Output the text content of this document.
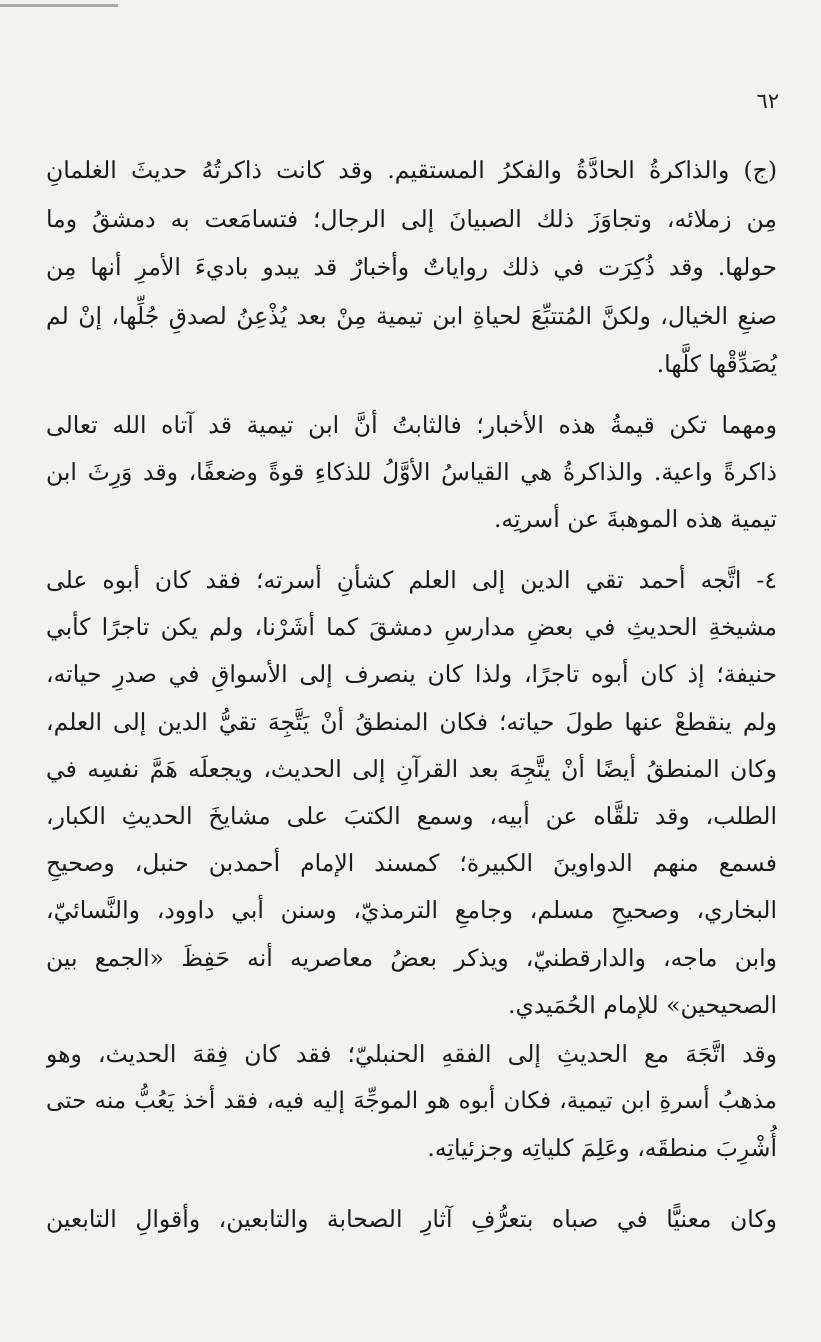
٦٢

(ج) والذاكرةُ الحادَّةُ والفكرُ المستقيم. وقد كانت ذاكرتُهُ حديثَ الغلمانِ
مِن زملائه، وتجاوَزَ ذلك الصبيانَ إلى الرجال؛ فتسامَعت به دمشقُ وما
حولها. وقد ذُكِرَت في ذلك رواياتٌ وأخبارٌ قد يبدو باديءَ الأمرِ أنها مِن
صنعِ الخيال، ولكنَّ المُتتبِّعَ لحياةِ ابن تيمية مِنْ بعد يُذْعِنُ لصدقِ جُلِّها، إنْ لم
يُصَدِّقْها كلَّها.

ومهما تكن قيمةُ هذه الأخبار؛ فالثابتُ أنَّ ابن تيمية قد آتاه الله تعالى
ذاكرةً واعية. والذاكرةُ هي القياسُ الأوَّلُ للذكاءِ قوةً وضعفًا، وقد وَرِثَ ابن
تيمية هذه الموهبةَ عن أسرتِه.

٤- اتَّجه أحمد تقي الدين إلى العلم كشأنِ أسرته؛ فقد كان أبوه على
مشيخةِ الحديثِ في بعضِ مدارسِ دمشقَ كما أشَرْنا، ولم يكن تاجرًا كأبي
حنيفة؛ إذ كان أبوه تاجرًا، ولذا كان ينصرف إلى الأسواقِ في صدرِ حياته،
ولم ينقطعْ عنها طولَ حياته؛ فكان المنطقُ أنْ يَتَّجِهَ تقيُّ الدين إلى العلم،
وكان المنطقُ أيضًا أنْ يتَّجِهَ بعد القرآنِ إلى الحديث، ويجعلَه هَمَّ نفسِه في
الطلب، وقد تلقَّاه عن أبيه، وسمع الكتبَ على مشايخَ الحديثِ الكبار،
فسمع منهم الدواوينَ الكبيرة؛ كمسند الإمام أحمدبن حنبل، وصحيحِ
البخاري، وصحيحِ مسلم، وجامعِ الترمذيّ، وسنن أبي داوود، والنَّسائيّ،
وابن ماجه، والدارقطنيّ، ويذكر بعضُ معاصريه أنه حَفِظَ «الجمع بين
الصحيحين» للإمام الحُمَيدي.

وقد اتَّجَهَ مع الحديثِ إلى الفقهِ الحنبليّ؛ فقد كان فِقهَ الحديث، وهو
مذهبُ أسرةِ ابن تيمية، فكان أبوه هو الموجِّهَ إليه فيه، فقد أخذ يَعُبُّ منه حتى
أُشْرِبَ منطقَه، وعَلِمَ كلياتِه وجزئياتِه.

وكان معنيًّا في صباه بتعرُّفِ آثارِ الصحابة والتابعين، وأقوالِ التابعين
